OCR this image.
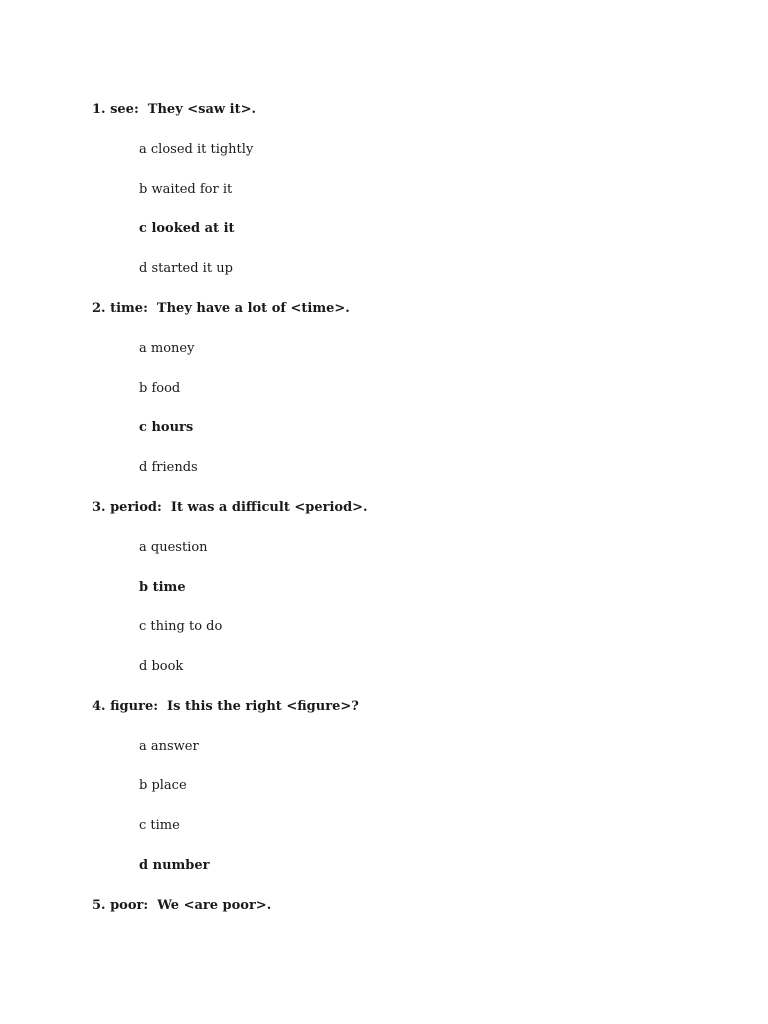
1. see:  They <saw it>.
a closed it tightly
b waited for it
c looked at it
d started it up
2. time:  They have a lot of <time>.
a money
b food
c hours
d friends
3. period:  It was a difficult <period>.
a question
b time
c thing to do
d book
4. figure:  Is this the right <figure>?
a answer
b place
c time
d number
5. poor:  We <are poor>.
